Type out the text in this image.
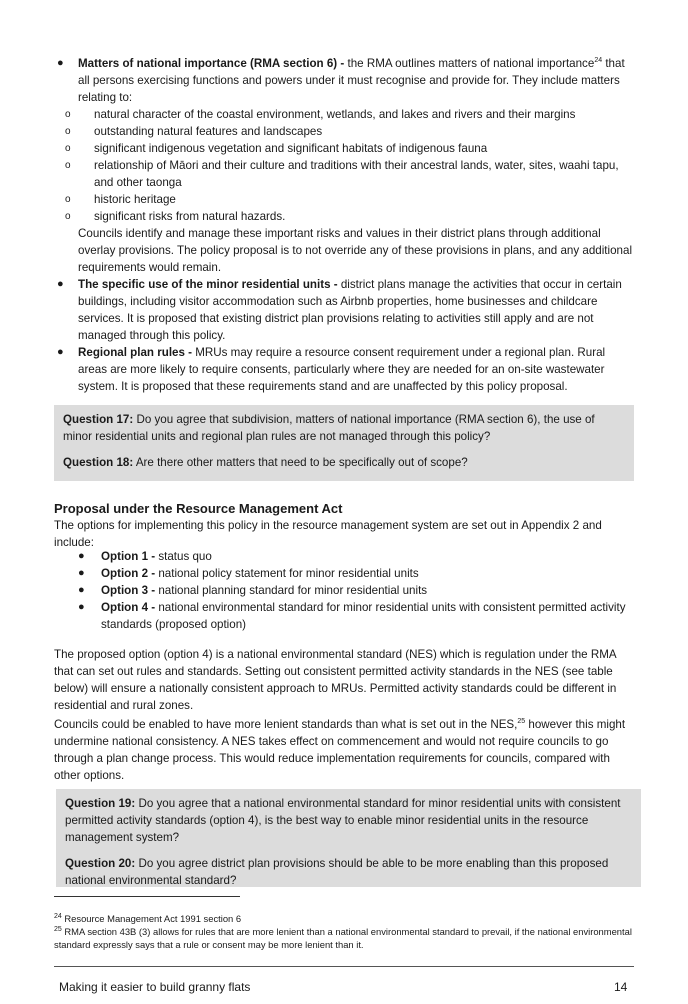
● Matters of national importance (RMA section 6) - the RMA outlines matters of national importance$^{24}$ that all persons exercising functions and powers under it must recognise and provide for. They include matters relating to:
o natural character of the coastal environment, wetlands, and lakes and rivers and their margins
o outstanding natural features and landscapes
o significant indigenous vegetation and significant habitats of indigenous fauna
o relationship of Māori and their culture and traditions with their ancestral lands, water, sites, waahi tapu, and other taonga
o historic heritage
o significant risks from natural hazards.
Councils identify and manage these important risks and values in their district plans through additional overlay provisions. The policy proposal is to not override any of these provisions in plans, and any additional requirements would remain.
● The specific use of the minor residential units - district plans manage the activities that occur in certain buildings, including visitor accommodation such as Airbnb properties, home businesses and childcare services. It is proposed that existing district plan provisions relating to activities still apply and are not managed through this policy.
● Regional plan rules - MRUs may require a resource consent requirement under a regional plan. Rural areas are more likely to require consents, particularly where they are needed for an on-site wastewater system. It is proposed that these requirements stand and are unaffected by this policy proposal.

Question 17: Do you agree that subdivision, matters of national importance (RMA section 6), the use of minor residential units and regional plan rules are not managed through this policy?

Question 18: Are there other matters that need to be specifically out of scope?

Proposal under the Resource Management Act
The options for implementing this policy in the resource management system are set out in Appendix 2 and include:
● Option 1 - status quo
● Option 2 - national policy statement for minor residential units
● Option 3 - national planning standard for minor residential units
● Option 4 - national environmental standard for minor residential units with consistent permitted activity standards (proposed option)

The proposed option (option 4) is a national environmental standard (NES) which is regulation under the RMA that can set out rules and standards. Setting out consistent permitted activity standards in the NES (see table below) will ensure a nationally consistent approach to MRUs. Permitted activity standards could be different in residential and rural zones.

Councils could be enabled to have more lenient standards than what is set out in the NES,$^{25}$ however this might undermine national consistency. A NES takes effect on commencement and would not require councils to go through a plan change process. This would reduce implementation requirements for councils, compared with other options.

Question 19: Do you agree that a national environmental standard for minor residential units with consistent permitted activity standards (option 4), is the best way to enable minor residential units in the resource management system?

Question 20: Do you agree district plan provisions should be able to be more enabling than this proposed national environmental standard?

$^{24}$ Resource Management Act 1991 section 6
$^{25}$ RMA section 43B (3) allows for rules that are more lenient than a national environmental standard to prevail, if the national environmental standard expressly says that a rule or consent may be more lenient than it.
Making it easier to build granny flats	14
